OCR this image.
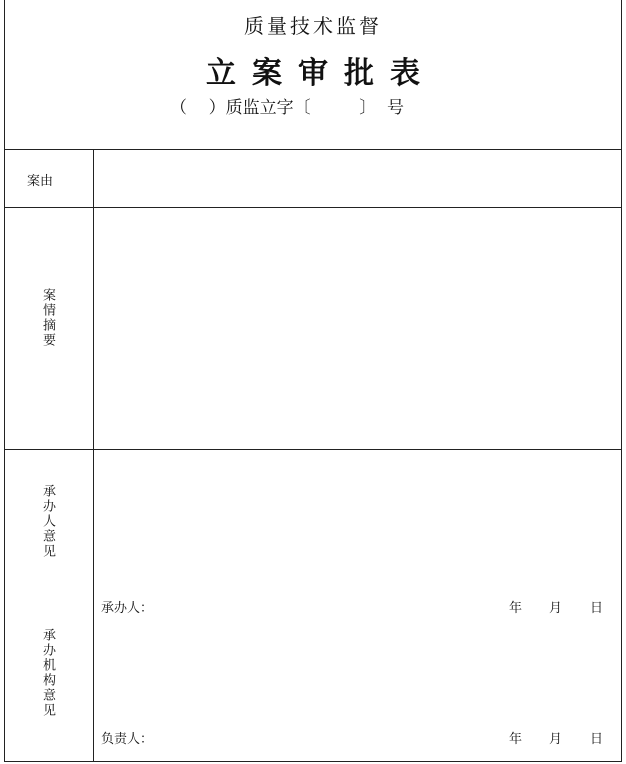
质量技术监督
立案审批表
（    ）质监立字〔         〕  号
案由
案情摘要
承办人意见
承办人：	年 月 日
承办机构意见
负责人：	年 月 日
